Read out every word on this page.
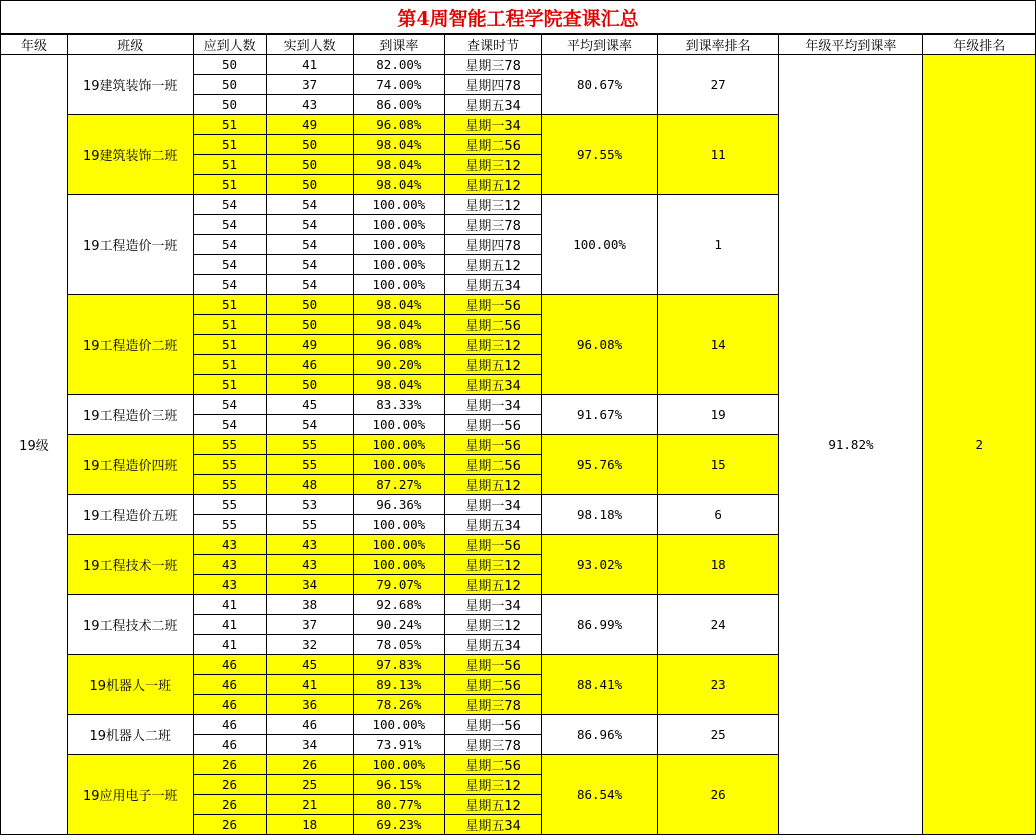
第4周智能工程学院查课汇总
年级	班级	应到人数	实到人数	到课率	查课时节	平均到课率	到课率排名	年级平均到课率	年级排名
19级	19建筑装饰一班	50	41	82.00%	星期三78	80.67%	27	91.82%	2
		50	37	74.00%	星期四78				
		50	43	86.00%	星期五34				
	19建筑装饰二班	51	49	96.08%	星期一34	97.55%	11		
		51	50	98.04%	星期二56				
		51	50	98.04%	星期三12				
		51	50	98.04%	星期五12				
	19工程造价一班	54	54	100.00%	星期三12	100.00%	1		
		54	54	100.00%	星期三78				
		54	54	100.00%	星期四78				
		54	54	100.00%	星期五12				
		54	54	100.00%	星期五34				
	19工程造价二班	51	50	98.04%	星期一56	96.08%	14		
		51	50	98.04%	星期二56				
		51	49	96.08%	星期三12				
		51	46	90.20%	星期五12				
		51	50	98.04%	星期五34				
	19工程造价三班	54	45	83.33%	星期一34	91.67%	19		
		54	54	100.00%	星期一56				
	19工程造价四班	55	55	100.00%	星期一56	95.76%	15		
		55	55	100.00%	星期二56				
		55	48	87.27%	星期五12				
	19工程造价五班	55	53	96.36%	星期一34	98.18%	6		
		55	55	100.00%	星期五34				
	19工程技术一班	43	43	100.00%	星期一56	93.02%	18		
		43	43	100.00%	星期三12				
		43	34	79.07%	星期五12				
	19工程技术二班	41	38	92.68%	星期一34	86.99%	24		
		41	37	90.24%	星期三12				
		41	32	78.05%	星期五34				
	19机器人一班	46	45	97.83%	星期一56	88.41%	23		
		46	41	89.13%	星期二56				
		46	36	78.26%	星期三78				
	19机器人二班	46	46	100.00%	星期一56	86.96%	25		
		46	34	73.91%	星期三78				
	19应用电子一班	26	26	100.00%	星期二56	86.54%	26		
		26	25	96.15%	星期三12				
		26	21	80.77%	星期五12				
		26	18	69.23%	星期五34				
